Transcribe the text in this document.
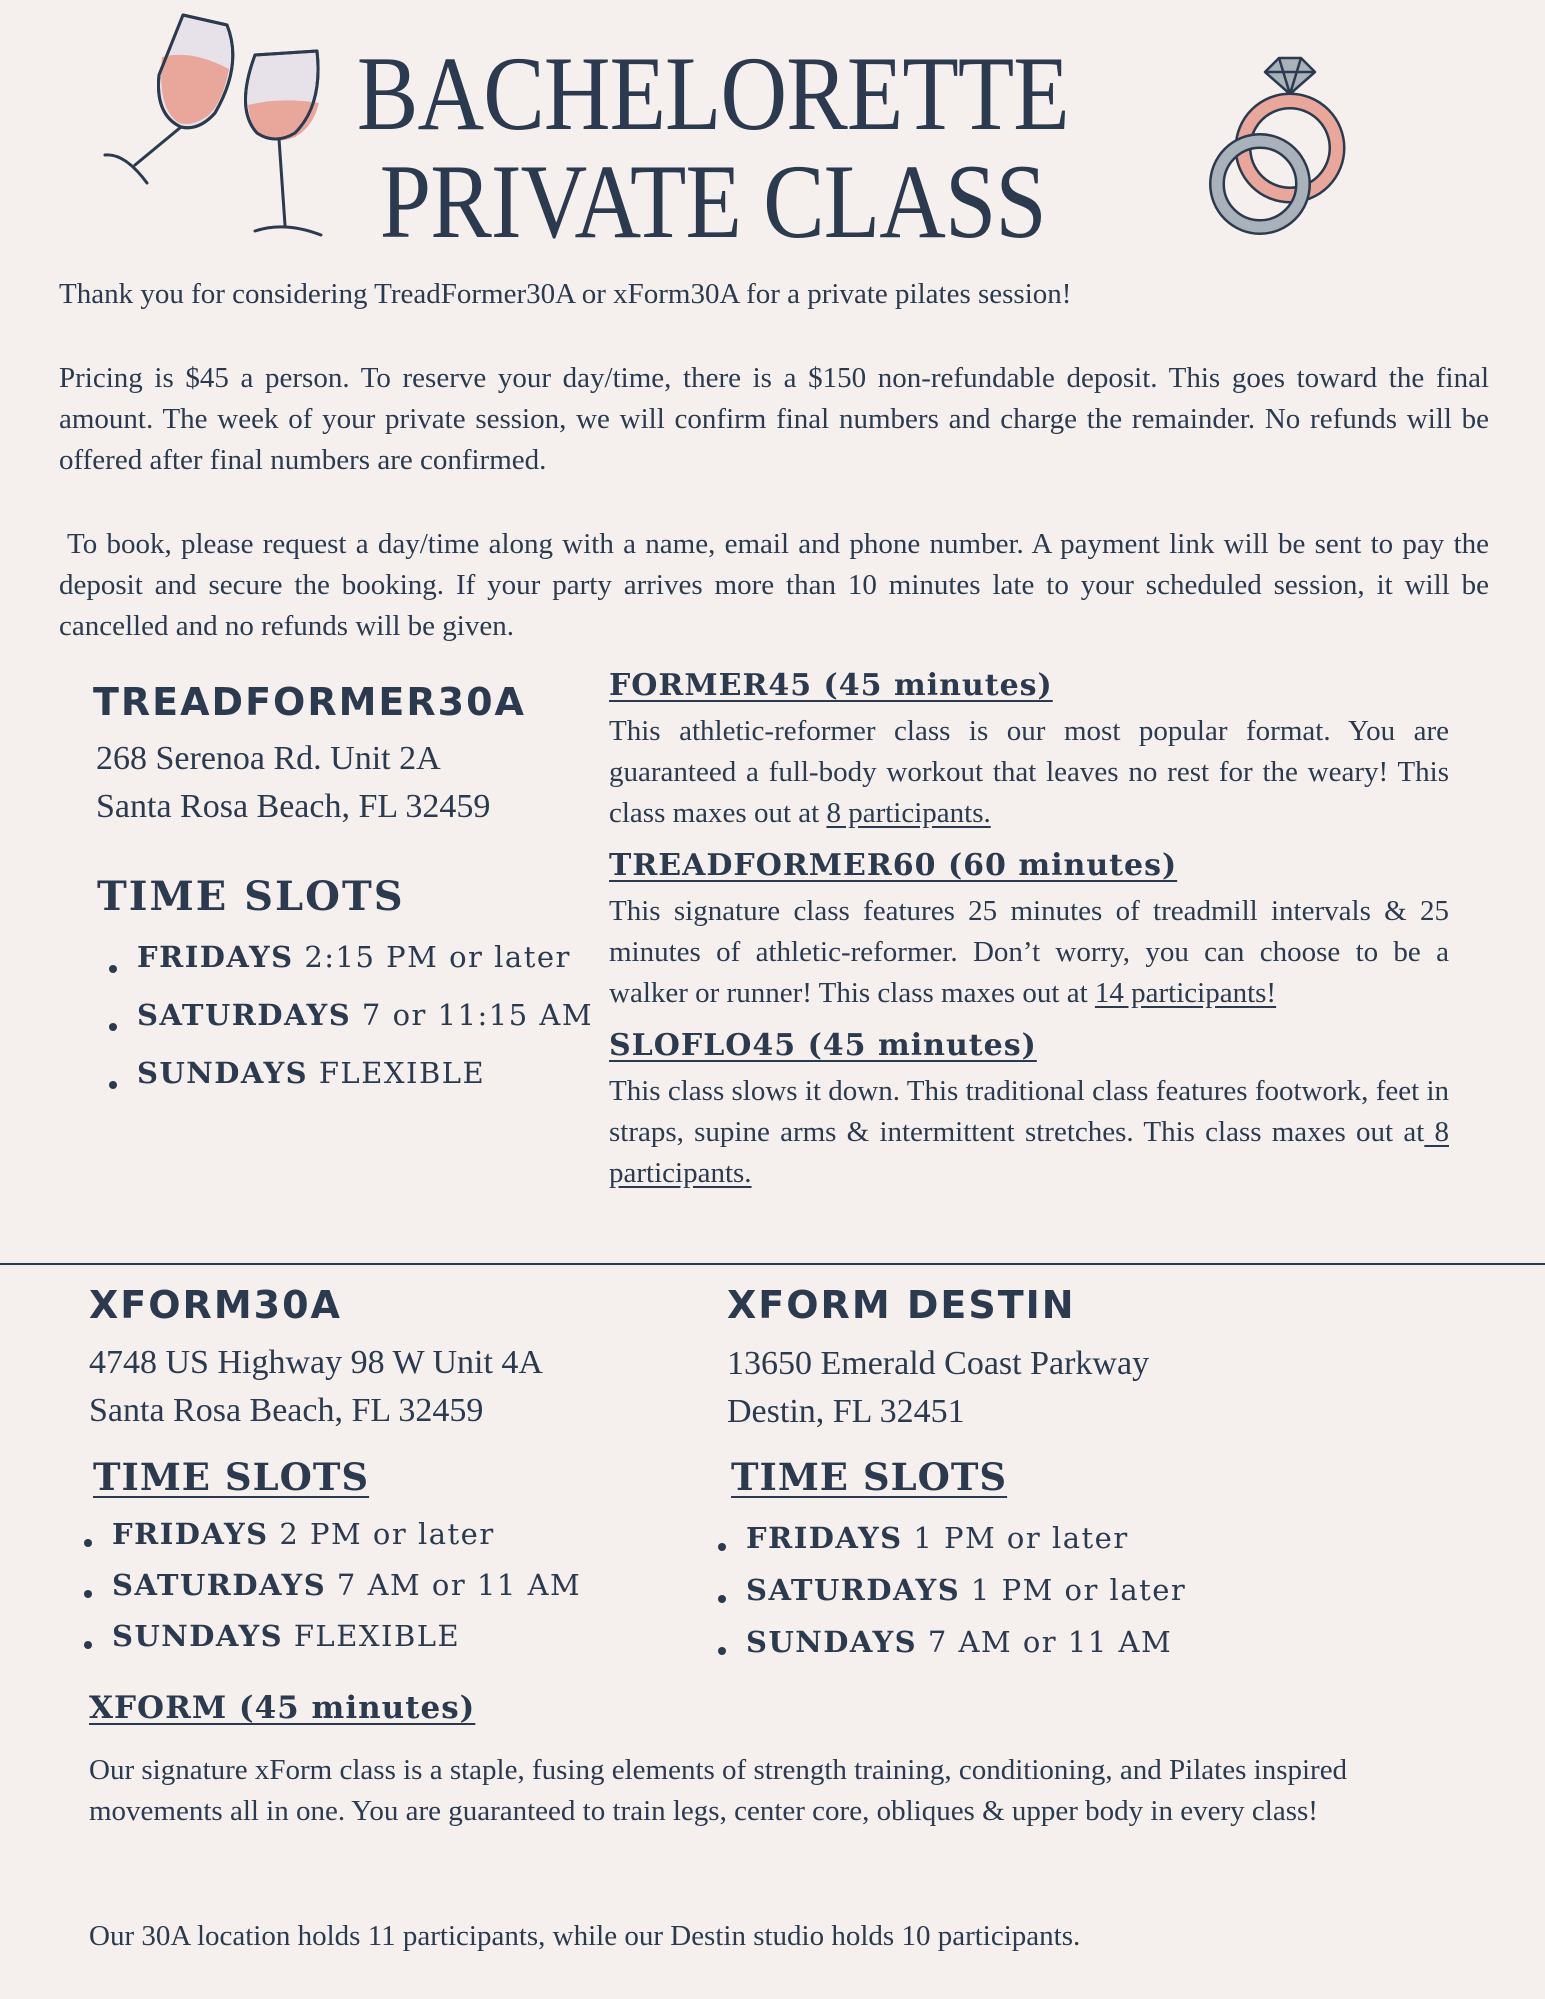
BACHELORETTE
PRIVATE CLASS
Thank you for considering TreadFormer30A or xForm30A for a private pilates session!
Pricing is $45 a person. To reserve your day/time, there is a $150 non-refundable deposit. This goes toward the final amount. The week of your private session, we will confirm final numbers and charge the remainder. No refunds will be offered after final numbers are confirmed.
To book, please request a day/time along with a name, email and phone number. A payment link will be sent to pay the deposit and secure the booking. If your party arrives more than 10 minutes late to your scheduled session, it will be cancelled and no refunds will be given.
TREADFORMER30A
268 Serenoa Rd. Unit 2A
Santa Rosa Beach, FL 32459
TIME SLOTS
FRIDAYS 2:15 PM or later
SATURDAYS 7 or 11:15 AM
SUNDAYS FLEXIBLE
FORMER45 (45 minutes)
This athletic-reformer class is our most popular format. You are guaranteed a full-body workout that leaves no rest for the weary! This class maxes out at 8 participants.
TREADFORMER60 (60 minutes)
This signature class features 25 minutes of treadmill intervals & 25 minutes of athletic-reformer. Don’t worry, you can choose to be a walker or runner! This class maxes out at 14 participants!
SLOFLO45 (45 minutes)
This class slows it down. This traditional class features footwork, feet in straps, supine arms & intermittent stretches. This class maxes out at 8 participants.
XFORM30A
4748 US Highway 98 W Unit 4A
Santa Rosa Beach, FL 32459
TIME SLOTS
FRIDAYS 2 PM or later
SATURDAYS 7 AM or 11 AM
SUNDAYS FLEXIBLE
XFORM DESTIN
13650 Emerald Coast Parkway
Destin, FL 32451
TIME SLOTS
FRIDAYS 1 PM or later
SATURDAYS 1 PM or later
SUNDAYS 7 AM or 11 AM
XFORM (45 minutes)
Our signature xForm class is a staple, fusing elements of strength training, conditioning, and Pilates inspired movements all in one. You are guaranteed to train legs, center core, obliques & upper body in every class!
Our 30A location holds 11 participants, while our Destin studio holds 10 participants.
